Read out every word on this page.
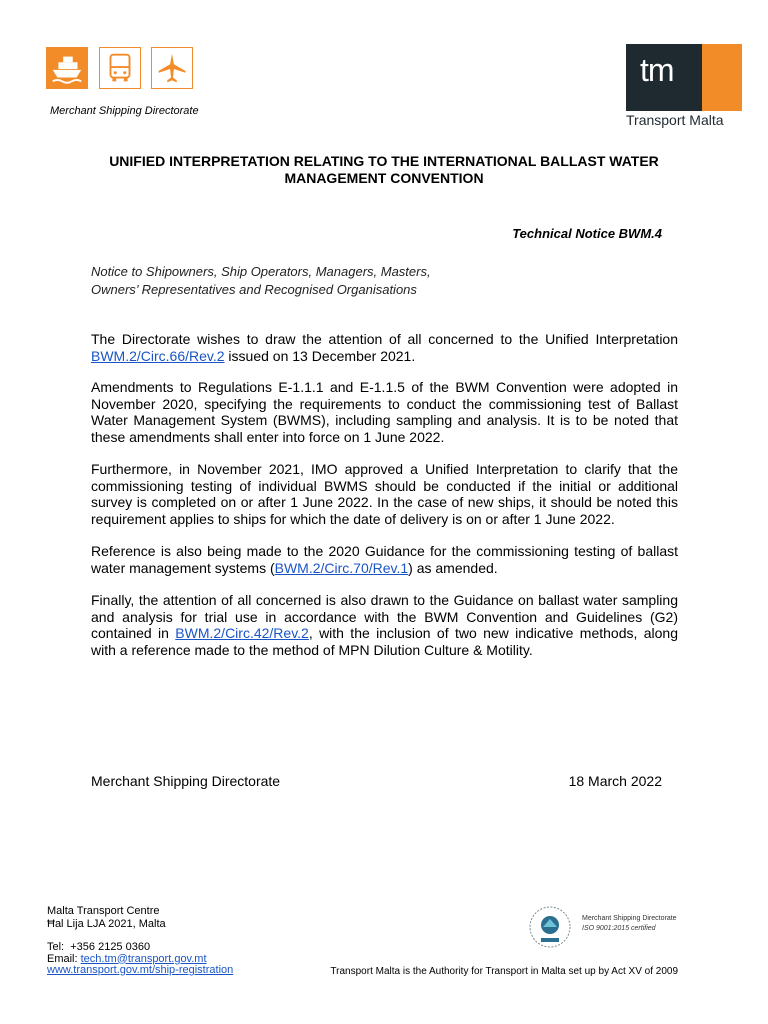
Merchant Shipping Directorate
tm
Transport Malta
UNIFIED INTERPRETATION RELATING TO THE INTERNATIONAL BALLAST WATER MANAGEMENT CONVENTION
Technical Notice BWM.4
Notice to Shipowners, Ship Operators, Managers, Masters,
Owners’ Representatives and Recognised Organisations
The Directorate wishes to draw the attention of all concerned to the Unified Interpretation BWM.2/Circ.66/Rev.2 issued on 13 December 2021.
Amendments to Regulations E-1.1.1 and E-1.1.5 of the BWM Convention were adopted in November 2020, specifying the requirements to conduct the commissioning test of Ballast Water Management System (BWMS), including sampling and analysis. It is to be noted that these amendments shall enter into force on 1 June 2022.
Furthermore, in November 2021, IMO approved a Unified Interpretation to clarify that the commissioning testing of individual BWMS should be conducted if the initial or additional survey is completed on or after 1 June 2022. In the case of new ships, it should be noted this requirement applies to ships for which the date of delivery is on or after 1 June 2022.
Reference is also being made to the 2020 Guidance for the commissioning testing of ballast water management systems (BWM.2/Circ.70/Rev.1) as amended.
Finally, the attention of all concerned is also drawn to the Guidance on ballast water sampling and analysis for trial use in accordance with the BWM Convention and Guidelines (G2) contained in BWM.2/Circ.42/Rev.2, with the inclusion of two new indicative methods, along with a reference made to the method of MPN Dilution Culture & Motility.
Merchant Shipping Directorate	18 March 2022
Malta Transport Centre
Ħal Lija LJA 2021, Malta
Tel: +356 2125 0360
Email: tech.tm@transport.gov.mt
www.transport.gov.mt/ship-registration
Merchant Shipping Directorate
ISO 9001:2015 certified
Transport Malta is the Authority for Transport in Malta set up by Act XV of 2009
